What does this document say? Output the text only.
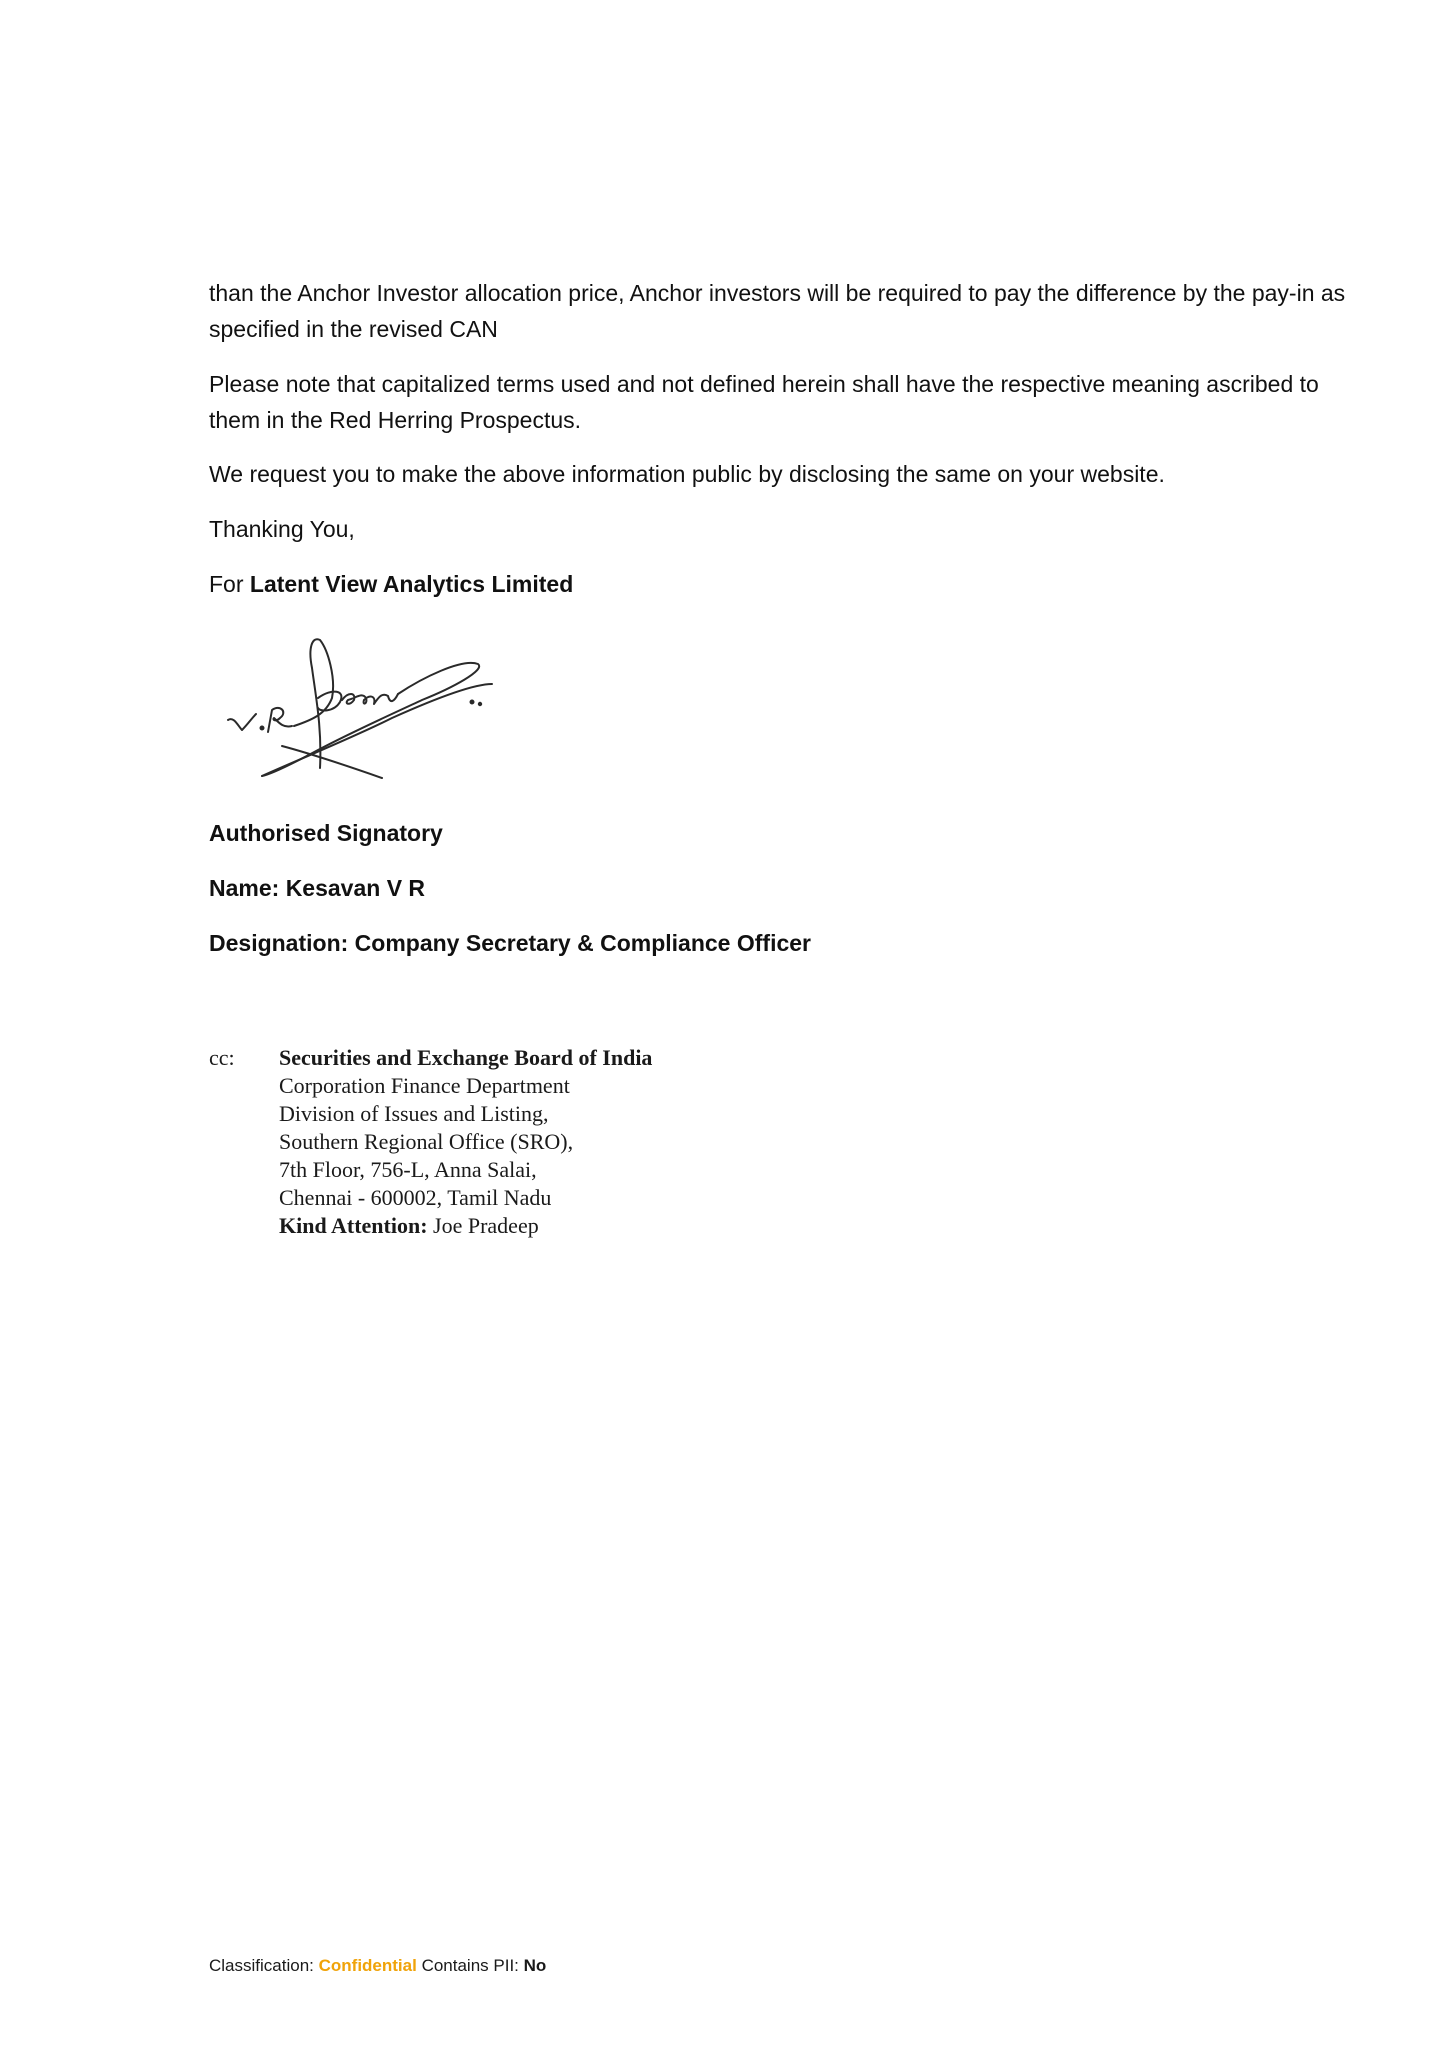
than the Anchor Investor allocation price, Anchor investors will be required to pay the difference by the pay-in as specified in the revised CAN

Please note that capitalized terms used and not defined herein shall have the respective meaning ascribed to them in the Red Herring Prospectus.

We request you to make the above information public by disclosing the same on your website.

Thanking You,

For Latent View Analytics Limited

Authorised Signatory

Name: Kesavan V R

Designation: Company Secretary & Compliance Officer

cc: Securities and Exchange Board of India
Corporation Finance Department
Division of Issues and Listing,
Southern Regional Office (SRO),
7th Floor, 756-L, Anna Salai,
Chennai - 600002, Tamil Nadu
Kind Attention: Joe Pradeep
Classification: Confidential Contains PII: No
